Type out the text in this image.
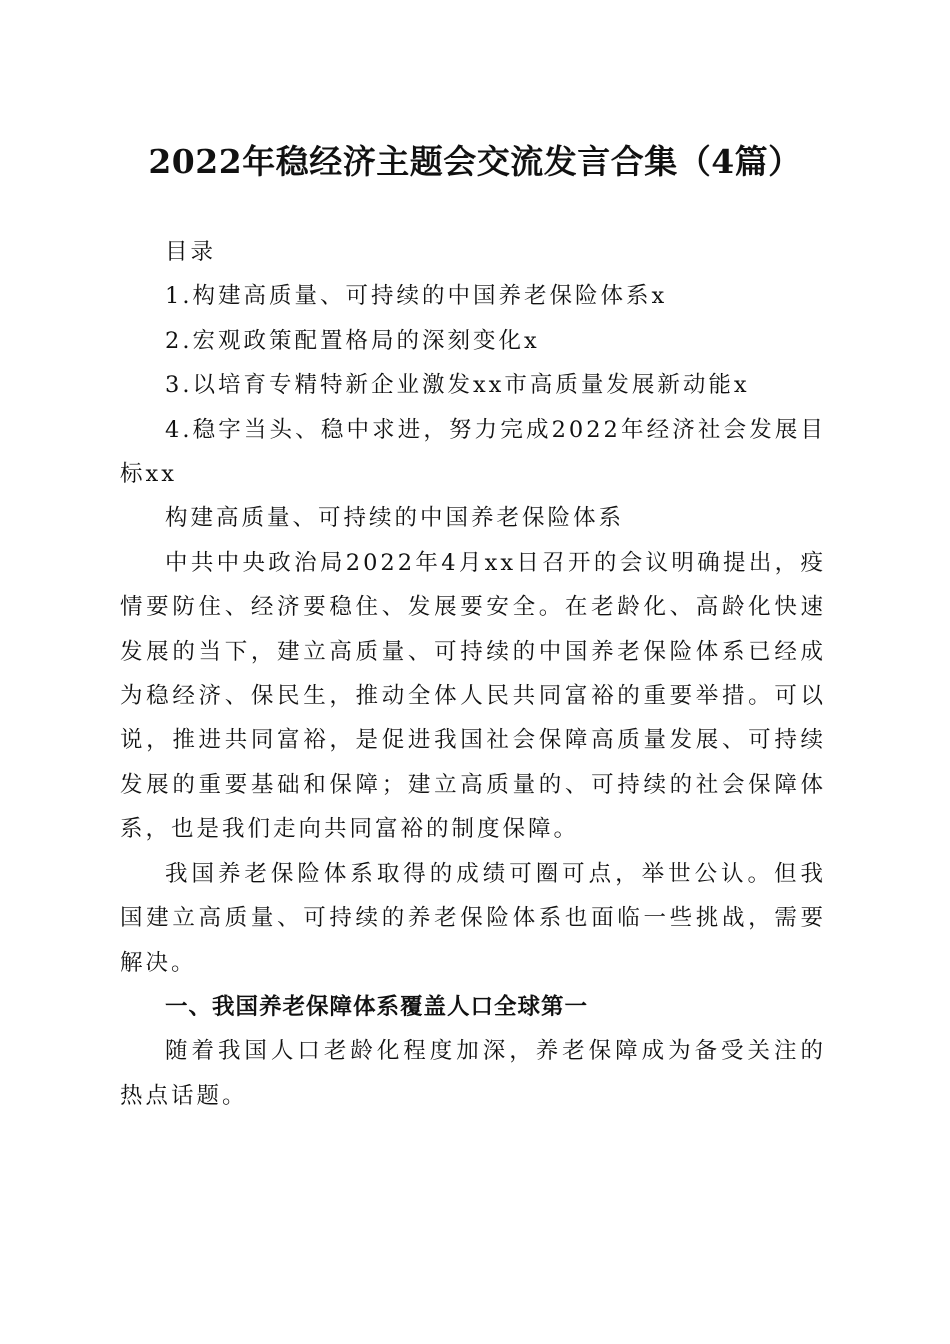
2022年稳经济主题会交流发言合集（4篇）

目录

1.构建高质量、可持续的中国养老保险体系x

2.宏观政策配置格局的深刻变化x

3.以培育专精特新企业激发xx市高质量发展新动能x

4.稳字当头、稳中求进，努力完成2022年经济社会发展目标xx

构建高质量、可持续的中国养老保险体系

中共中央政治局2022年4月xx日召开的会议明确提出，疫情要防住、经济要稳住、发展要安全。在老龄化、高龄化快速发展的当下，建立高质量、可持续的中国养老保险体系已经成为稳经济、保民生，推动全体人民共同富裕的重要举措。可以说，推进共同富裕，是促进我国社会保障高质量发展、可持续发展的重要基础和保障；建立高质量的、可持续的社会保障体系，也是我们走向共同富裕的制度保障。

我国养老保险体系取得的成绩可圈可点，举世公认。但我国建立高质量、可持续的养老保险体系也面临一些挑战，需要解决。

一、我国养老保障体系覆盖人口全球第一

随着我国人口老龄化程度加深，养老保障成为备受关注的热点话题。
